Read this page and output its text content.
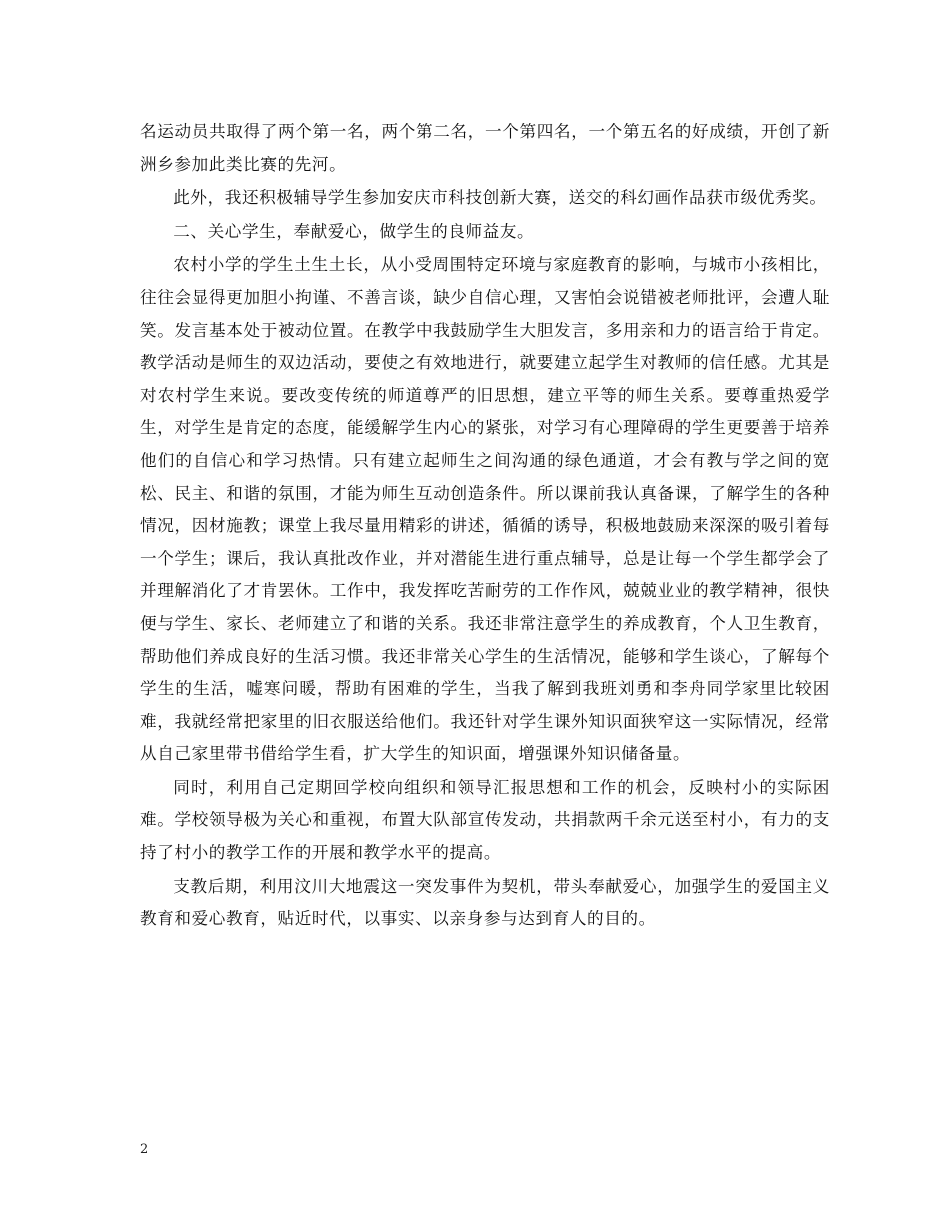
名运动员共取得了两个第一名，两个第二名，一个第四名，一个第五名的好成绩，开创了新洲乡参加此类比赛的先河。

此外，我还积极辅导学生参加安庆市科技创新大赛，送交的科幻画作品获市级优秀奖。

二、关心学生，奉献爱心，做学生的良师益友。

农村小学的学生土生土长，从小受周围特定环境与家庭教育的影响，与城市小孩相比，往往会显得更加胆小拘谨、不善言谈，缺少自信心理，又害怕会说错被老师批评，会遭人耻笑。发言基本处于被动位置。在教学中我鼓励学生大胆发言，多用亲和力的语言给于肯定。教学活动是师生的双边活动，要使之有效地进行，就要建立起学生对教师的信任感。尤其是对农村学生来说。要改变传统的师道尊严的旧思想，建立平等的师生关系。要尊重热爱学生，对学生是肯定的态度，能缓解学生内心的紧张，对学习有心理障碍的学生更要善于培养他们的自信心和学习热情。只有建立起师生之间沟通的绿色通道，才会有教与学之间的宽松、民主、和谐的氛围，才能为师生互动创造条件。所以课前我认真备课，了解学生的各种情况，因材施教；课堂上我尽量用精彩的讲述，循循的诱导，积极地鼓励来深深的吸引着每一个学生；课后，我认真批改作业，并对潜能生进行重点辅导，总是让每一个学生都学会了并理解消化了才肯罢休。工作中，我发挥吃苦耐劳的工作作风，兢兢业业的教学精神，很快便与学生、家长、老师建立了和谐的关系。我还非常注意学生的养成教育，个人卫生教育，帮助他们养成良好的生活习惯。我还非常关心学生的生活情况，能够和学生谈心，了解每个学生的生活，嘘寒问暖，帮助有困难的学生，当我了解到我班刘勇和李舟同学家里比较困难，我就经常把家里的旧衣服送给他们。我还针对学生课外知识面狭窄这一实际情况，经常从自己家里带书借给学生看，扩大学生的知识面，增强课外知识储备量。

同时，利用自己定期回学校向组织和领导汇报思想和工作的机会，反映村小的实际困难。学校领导极为关心和重视，布置大队部宣传发动，共捐款两千余元送至村小，有力的支持了村小的教学工作的开展和教学水平的提高。

支教后期，利用汶川大地震这一突发事件为契机，带头奉献爱心，加强学生的爱国主义教育和爱心教育，贴近时代，以事实、以亲身参与达到育人的目的。

2
